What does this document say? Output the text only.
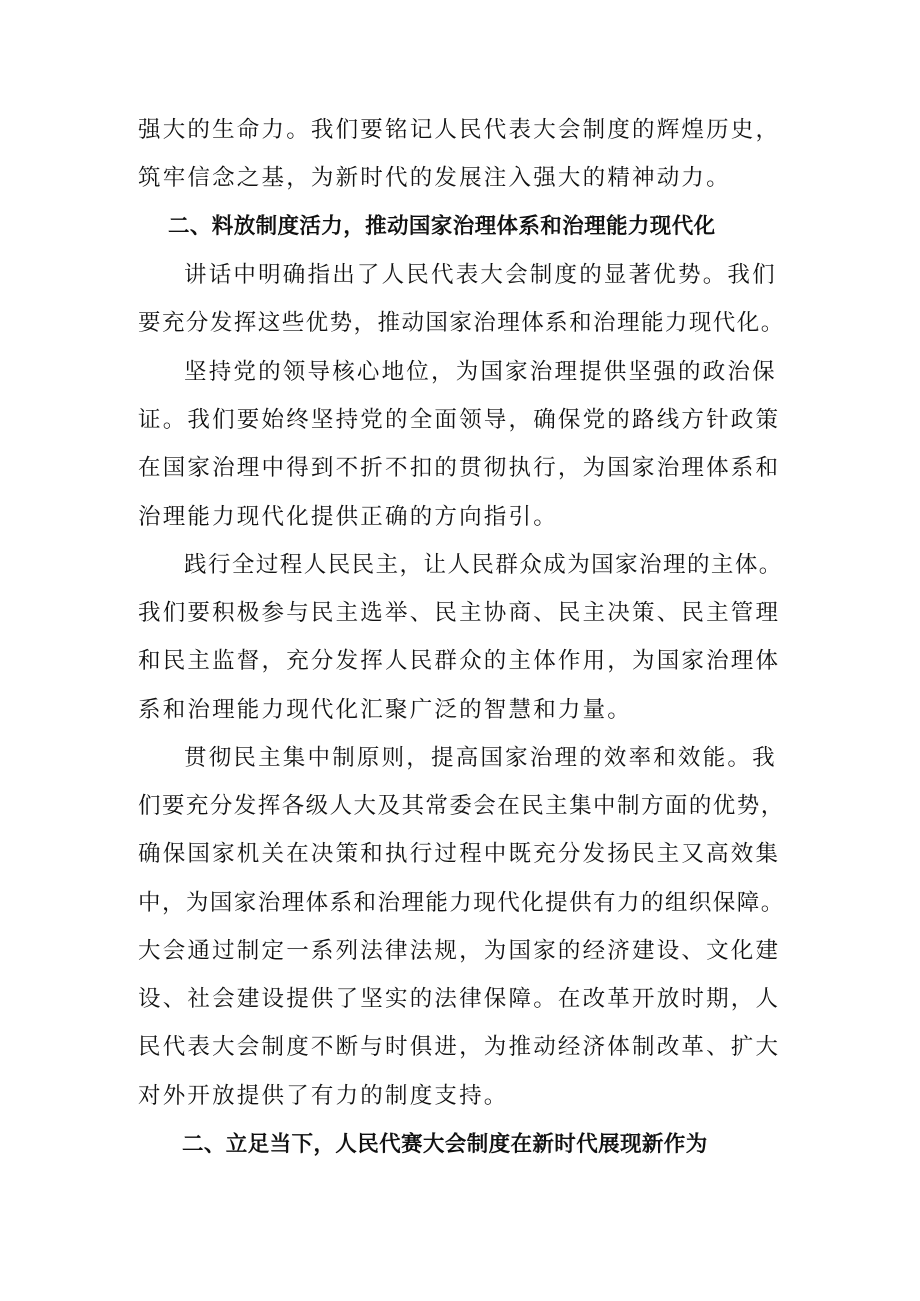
强大的生命力。我们要铭记人民代表大会制度的辉煌历史，
筑牢信念之基，为新时代的发展注入强大的精神动力。
二、料放制度活力，推动国家治理体系和治理能力现代化
讲话中明确指出了人民代表大会制度的显著优势。我们
要充分发挥这些优势，推动国家治理体系和治理能力现代化。
坚持党的领导核心地位，为国家治理提供坚强的政治保
证。我们要始终坚持党的全面领导，确保党的路线方针政策
在国家治理中得到不折不扣的贯彻执行，为国家治理体系和
治理能力现代化提供正确的方向指引。
践行全过程人民民主，让人民群众成为国家治理的主体。
我们要积极参与民主选举、民主协商、民主决策、民主管理
和民主监督，充分发挥人民群众的主体作用，为国家治理体
系和治理能力现代化汇聚广泛的智慧和力量。
贯彻民主集中制原则，提高国家治理的效率和效能。我
们要充分发挥各级人大及其常委会在民主集中制方面的优势，
确保国家机关在决策和执行过程中既充分发扬民主又高效集
中，为国家治理体系和治理能力现代化提供有力的组织保障。
大会通过制定一系列法律法规，为国家的经济建设、文化建
设、社会建设提供了坚实的法律保障。在改革开放时期，人
民代表大会制度不断与时俱进，为推动经济体制改革、扩大
对外开放提供了有力的制度支持。
二、立足当下，人民代赛大会制度在新时代展现新作为
